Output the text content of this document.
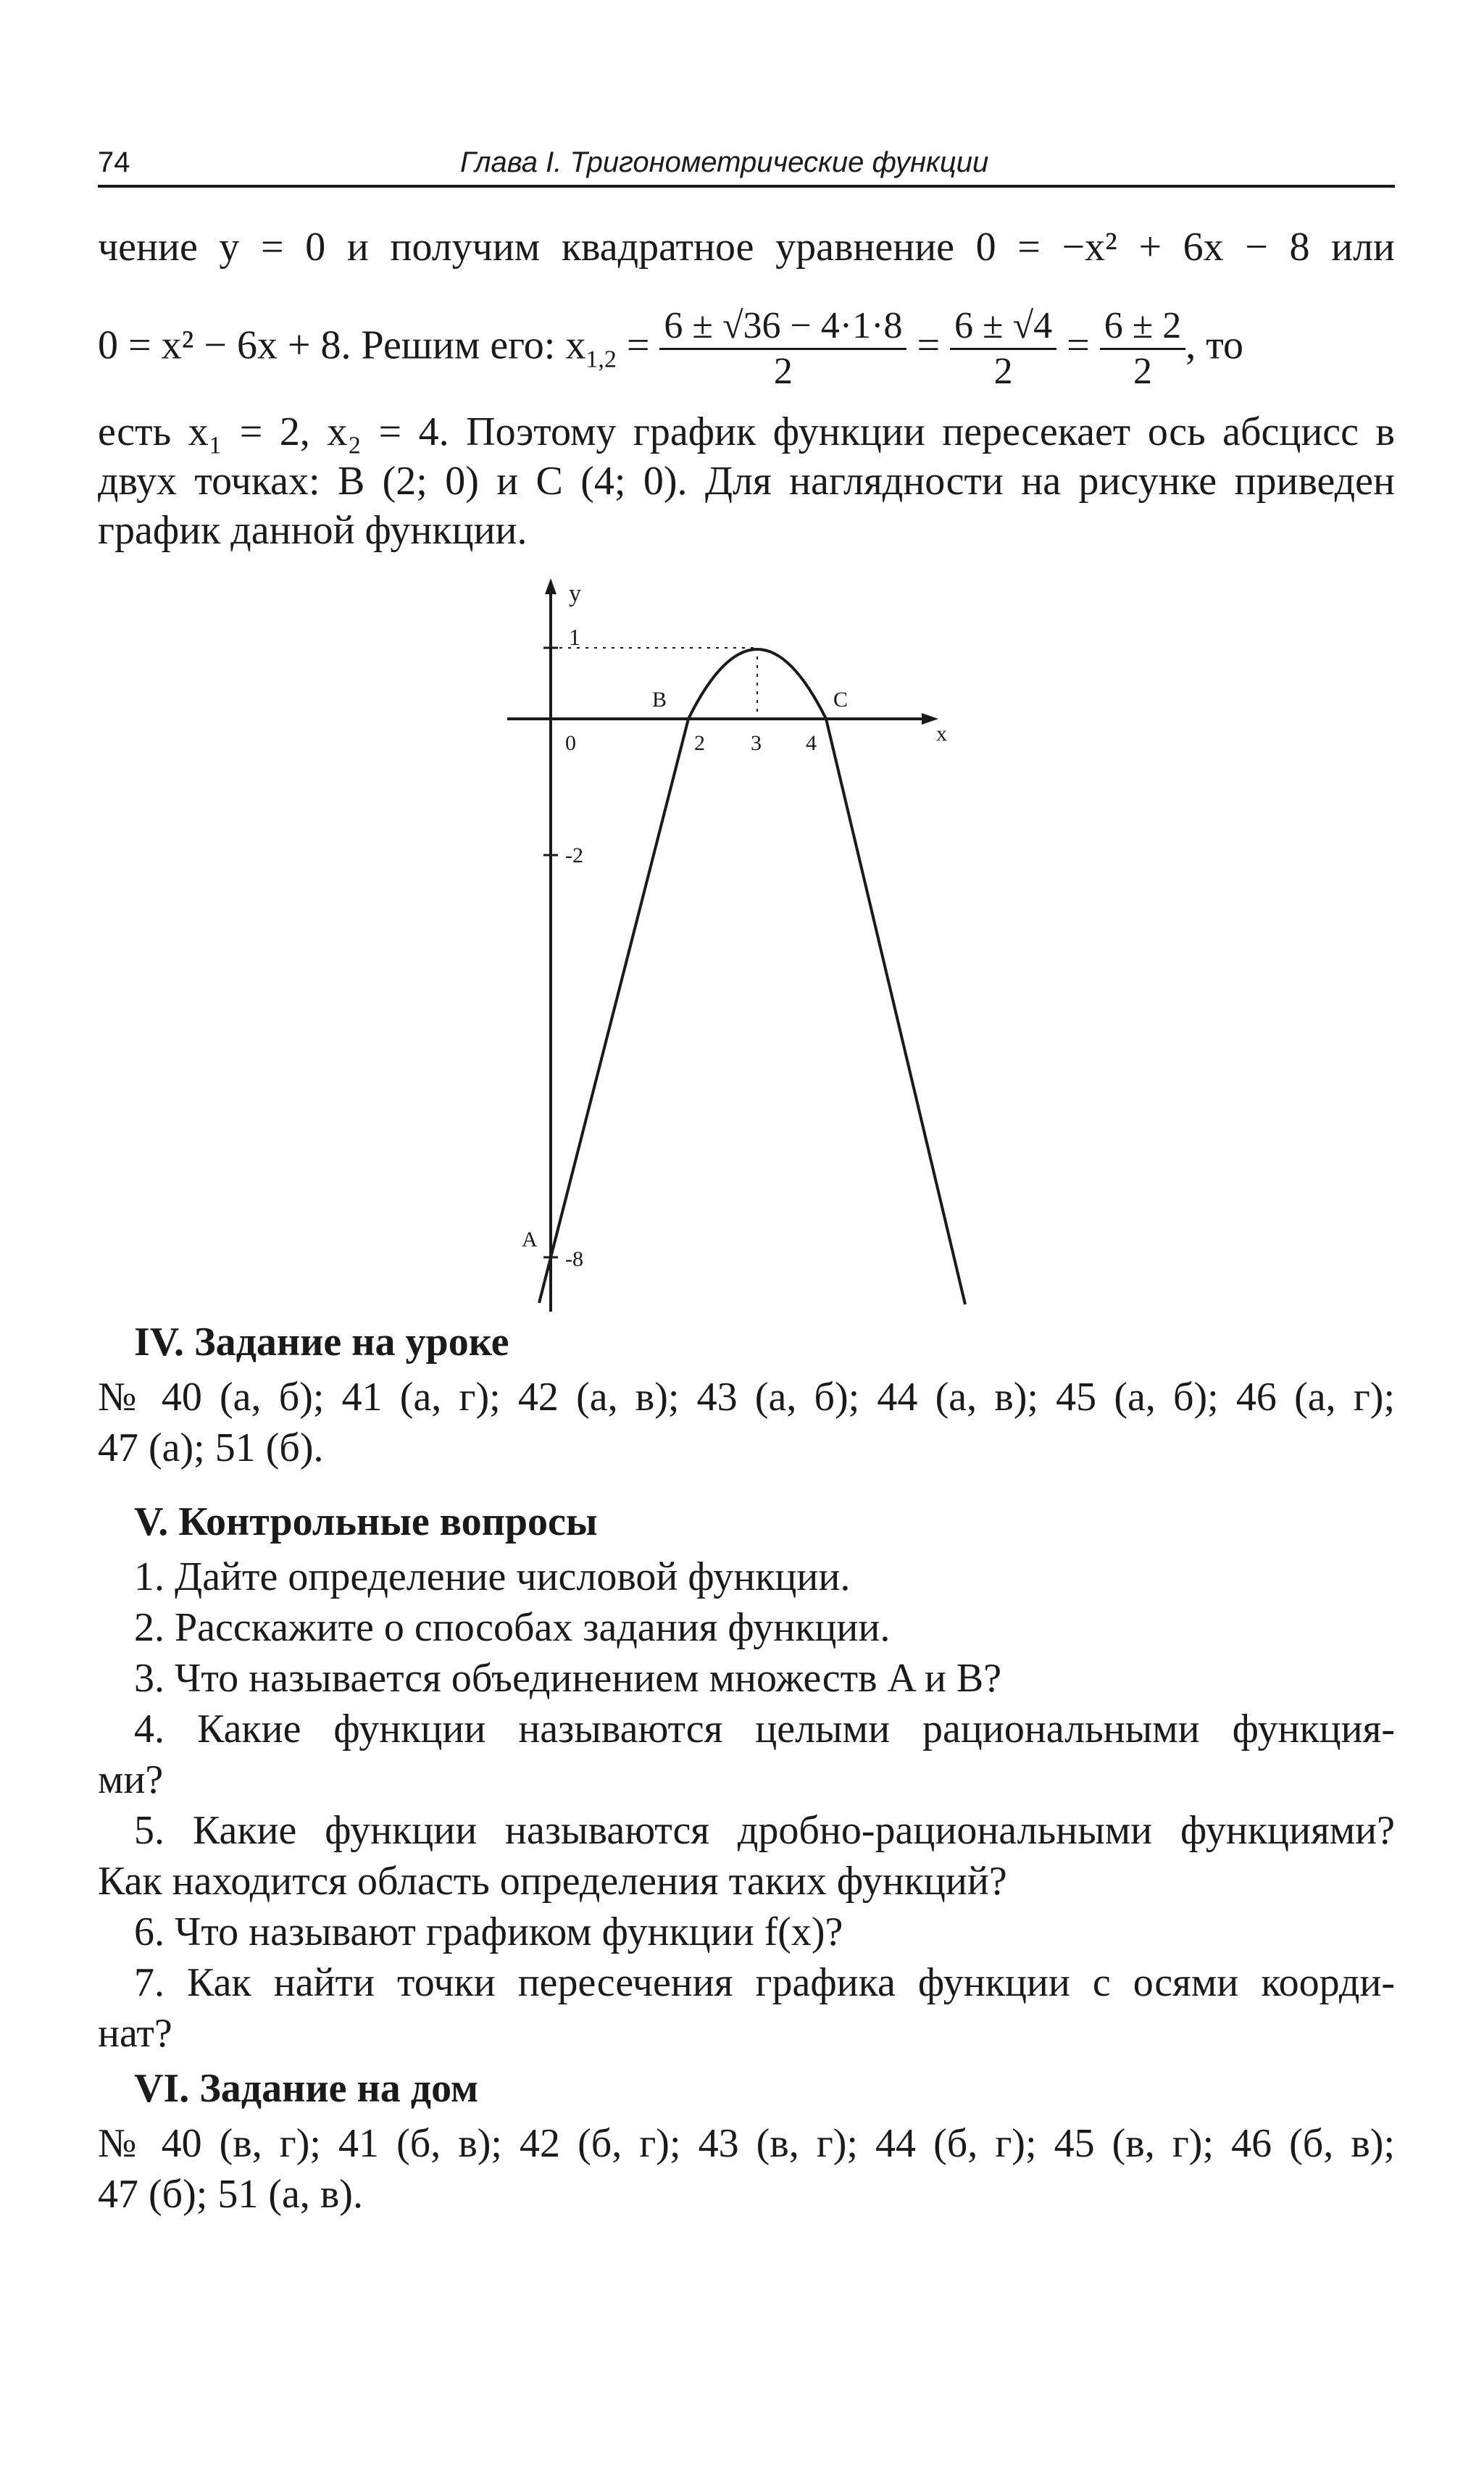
74	Глава I. Тригонометрические функции
чение y = 0 и получим квадратное уравнение 0 = −x² + 6x − 8 или
0 = x² − 6x + 8. Решим его: $x_{1,2} = \frac{6 \pm √36 - 4\cdot 1\cdot 8}{2} = \frac{6 \pm √4}{2} = \frac{6 \pm 2}{2}$ , то
есть x₁ = 2, x₂ = 4. Поэтому график функции пересекает ось абсцисс в
двух точках: B (2; 0) и C (4; 0). Для наглядности на рисунке приведен
график данной функции.
y
x
1
0	2 3 4
-2
-8
B	C
A
IV. Задание на уроке
№ 40 (а, б); 41 (а, г); 42 (а, в); 43 (а, б); 44 (а, в); 45 (а, б); 46 (а, г);
47 (а); 51 (б).
V. Контрольные вопросы
1. Дайте определение числовой функции.
2. Расскажите о способах задания функции.
3. Что называется объединением множеств A и B?
4. Какие функции называются целыми рациональными функция-
ми?
5. Какие функции называются дробно-рациональными функциями?
Как находится область определения таких функций?
6. Что называют графиком функции f(x)?
7. Как найти точки пересечения графика функции с осями коорди-
нат?
VI. Задание на дом
№ 40 (в, г); 41 (б, в); 42 (б, г); 43 (в, г); 44 (б, г); 45 (в, г); 46 (б, в);
47 (б); 51 (а, в).
